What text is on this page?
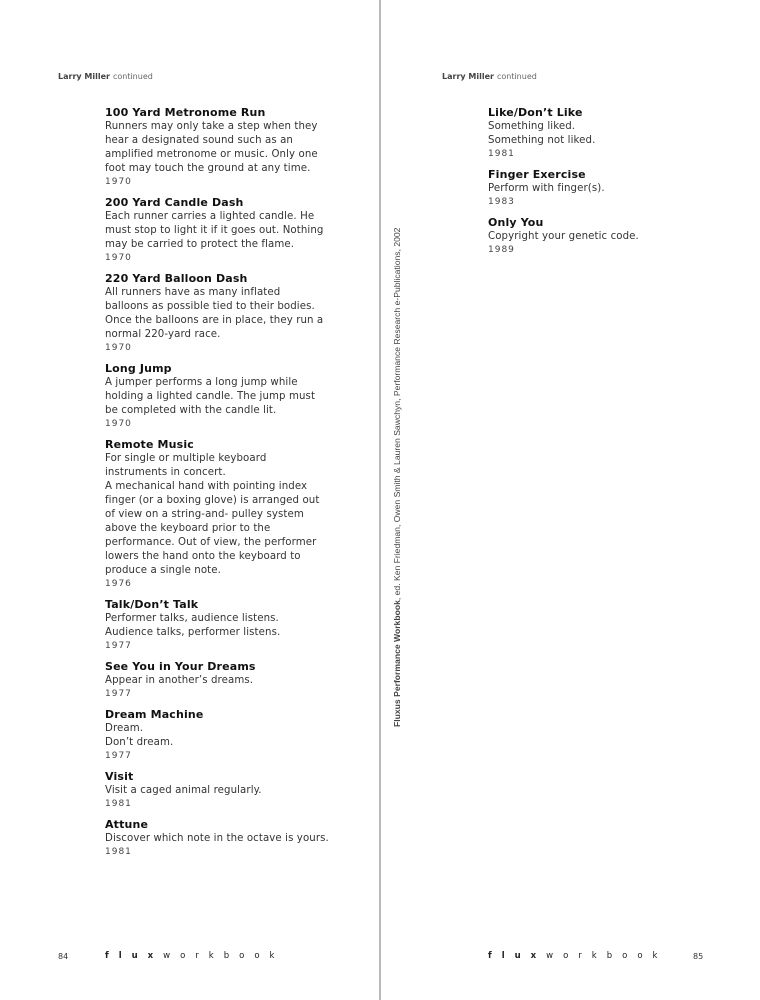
Larry Miller continued
100 Yard Metronome Run
Runners may only take a step when they
hear a designated sound such as an
amplified metronome or music. Only one
foot may touch the ground at any time.
1970
200 Yard Candle Dash
Each runner carries a lighted candle. He
must stop to light it if it goes out. Nothing
may be carried to protect the flame.
1970
220 Yard Balloon Dash
All runners have as many inflated
balloons as possible tied to their bodies.
Once the balloons are in place, they run a
normal 220-yard race.
1970
Long Jump
A jumper performs a long jump while
holding a lighted candle. The jump must
be completed with the candle lit.
1970
Remote Music
For single or multiple keyboard
instruments in concert.
A mechanical hand with pointing index
finger (or a boxing glove) is arranged out
of view on a string-and- pulley system
above the keyboard prior to the
performance. Out of view, the performer
lowers the hand onto the keyboard to
produce a single note.
1976
Talk/Don’t Talk
Performer talks, audience listens.
Audience talks, performer listens.
1977
See You in Your Dreams
Appear in another’s dreams.
1977
Dream Machine
Dream.
Don’t dream.
1977
Visit
Visit a caged animal regularly.
1981
Attune
Discover which note in the octave is yours.
1981
84	fluxworkbook
Fluxus Performance Workbook, ed. Ken Friedman, Owen Smith & Lauren Sawchyn, Performance Research e-Publications, 2002
Larry Miller continued
Like/Don’t Like
Something liked.
Something not liked.
1981
Finger Exercise
Perform with finger(s).
1983
Only You
Copyright your genetic code.
1989
85
fluxworkbook
